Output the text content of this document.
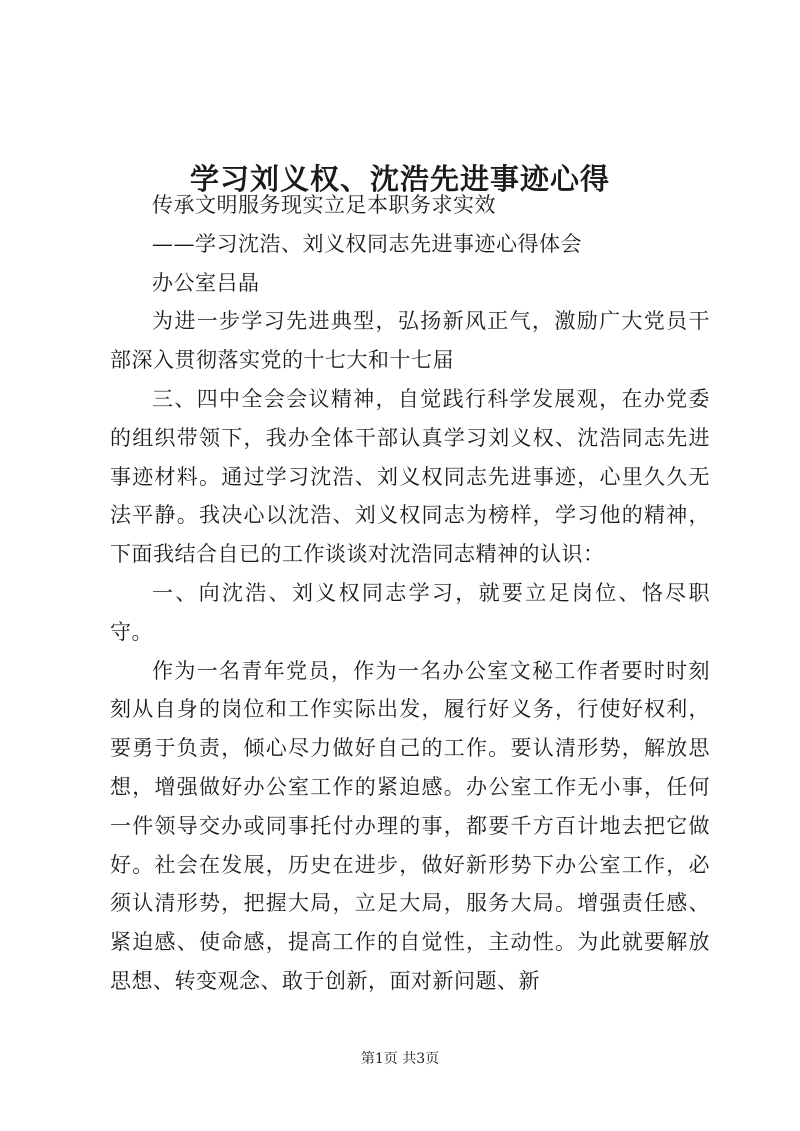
学习刘义权、沈浩先进事迹心得

传承文明服务现实立足本职务求实效

——学习沈浩、刘义权同志先进事迹心得体会

办公室吕晶

为进一步学习先进典型，弘扬新风正气，激励广大党员干部深入贯彻落实党的十七大和十七届

三、四中全会会议精神，自觉践行科学发展观，在办党委的组织带领下，我办全体干部认真学习刘义权、沈浩同志先进事迹材料。通过学习沈浩、刘义权同志先进事迹，心里久久无法平静。我决心以沈浩、刘义权同志为榜样，学习他的精神，下面我结合自已的工作谈谈对沈浩同志精神的认识：

一、向沈浩、刘义权同志学习，就要立足岗位、恪尽职守。

作为一名青年党员，作为一名办公室文秘工作者要时时刻刻从自身的岗位和工作实际出发，履行好义务，行使好权利，要勇于负责，倾心尽力做好自己的工作。要认清形势，解放思想，增强做好办公室工作的紧迫感。办公室工作无小事，任何一件领导交办或同事托付办理的事，都要千方百计地去把它做好。社会在发展，历史在进步，做好新形势下办公室工作，必须认清形势，把握大局，立足大局，服务大局。增强责任感、紧迫感、使命感，提高工作的自觉性，主动性。为此就要解放思想、转变观念、敢于创新，面对新问题、新

第1页 共3页
